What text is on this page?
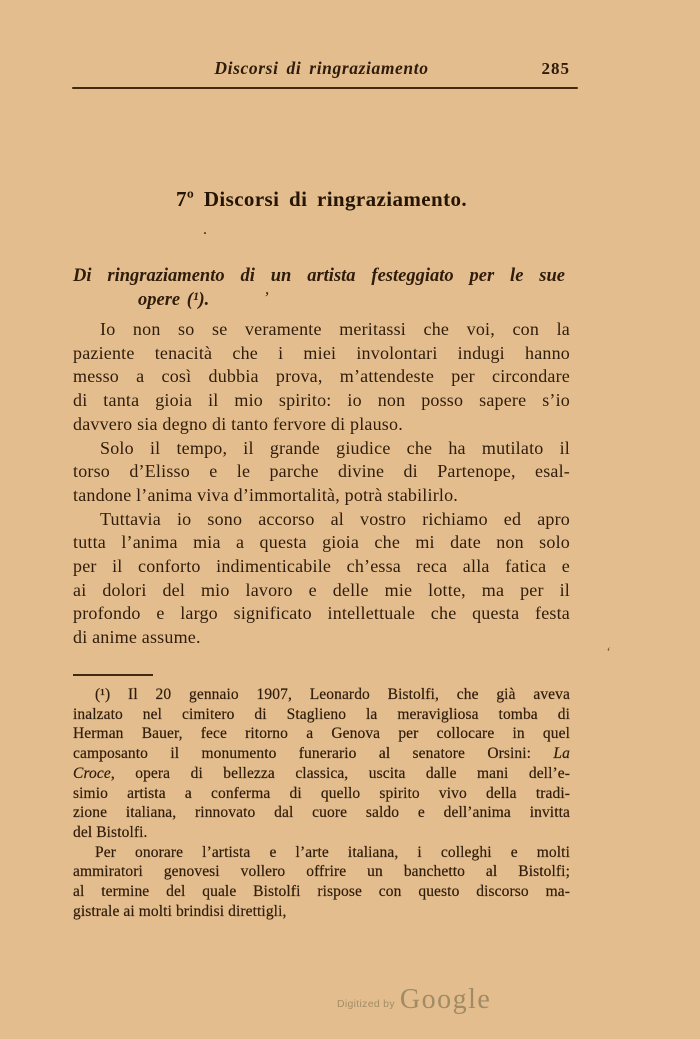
Discorsi di ringraziamento	285
7º Discorsi di ringraziamento.
.
Di ringraziamento di un artista festeggiato per le sue
opere (¹).	’
Io non so se veramente meritassi che voi, con la
paziente tenacità che i miei involontari indugi hanno
messo a così dubbia prova, m’attendeste per circondare
di tanta gioia il mio spirito: io non posso sapere s’io
davvero sia degno di tanto fervore di plauso.
Solo il tempo, il grande giudice che ha mutilato il
torso d’Elisso e le parche divine di Partenope, esal-
tandone l’anima viva d’immortalità, potrà stabilirlo.
Tuttavia io sono accorso al vostro richiamo ed apro
tutta l’anima mia a questa gioia che mi date non solo
per il conforto indimenticabile ch’essa reca alla fatica e
ai dolori del mio lavoro e delle mie lotte, ma per il
profondo e largo significato intellettuale che questa festa
di anime assume.
‘
(¹) Il 20 gennaio 1907, Leonardo Bistolfi, che già aveva
inalzato nel cimitero di Staglieno la meravigliosa tomba di
Herman Bauer, fece ritorno a Genova per collocare in quel
camposanto il monumento funerario al senatore Orsini: La
Croce, opera di bellezza classica, uscita dalle mani dell’e-
simio artista a conferma di quello spirito vivo della tradi-
zione italiana, rinnovato dal cuore saldo e dell’anima invitta
del Bistolfi.
Per onorare l’artista e l’arte italiana, i colleghi e molti
ammiratori genovesi vollero offrire un banchetto al Bistolfi;
al termine del quale Bistolfi rispose con questo discorso ma-
gistrale ai molti brindisi direttigli,
Digitized by Google
